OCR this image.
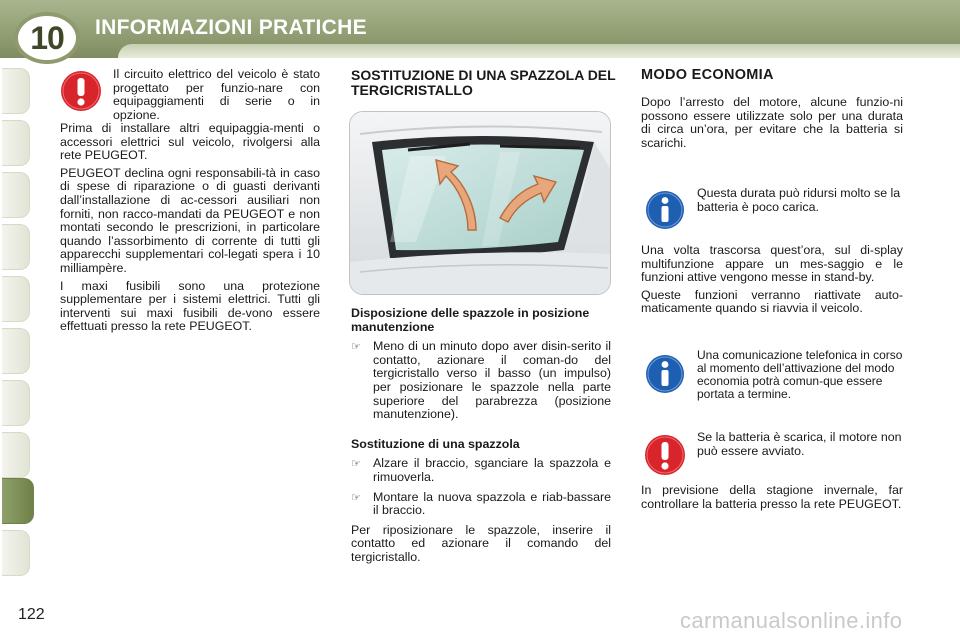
10	INFORMAZIONI PRATICHE
Il circuito elettrico del veicolo è stato progettato per funzio-nare con equipaggiamenti di serie o in opzione.

Prima di installare altri equipaggia-menti o accessori elettrici sul veicolo, rivolgersi alla rete PEUGEOT.

PEUGEOT declina ogni responsabili-tà in caso di spese di riparazione o di guasti derivanti dall’installazione di ac-cessori ausiliari non forniti, non racco-mandati da PEUGEOT e non montati secondo le prescrizioni, in particolare quando l’assorbimento di corrente di tutti gli apparecchi supplementari col-legati spera i 10 milliampère.

I maxi fusibili sono una protezione supplementare per i sistemi elettrici. Tutti gli interventi sui maxi fusibili de-vono essere effettuati presso la rete PEUGEOT.

SOSTITUZIONE DI UNA SPAZZOLA DEL TERGICRISTALLO
Disposizione delle spazzole in posizione manutenzione
☞ Meno di un minuto dopo aver disin-serito il contatto, azionare il coman-do del tergicristallo verso il basso (un impulso) per posizionare le spazzole nella parte superiore del parabrezza (posizione manutenzione).
Sostituzione di una spazzola
☞ Alzare il braccio, sganciare la spazzola e rimuoverla.
☞ Montare la nuova spazzola e riab-bassare il braccio.

Per riposizionare le spazzole, inserire il contatto ed azionare il comando del tergicristallo.

MODO ECONOMIA

Dopo l’arresto del motore, alcune funzio-ni possono essere utilizzate solo per una durata di circa un’ora, per evitare che la batteria si scarichi.

Questa durata può ridursi molto se la batteria è poco carica.

Una volta trascorsa quest’ora, sul di-splay multifunzione appare un mes-saggio e le funzioni attive vengono messe in stand-by.

Queste funzioni verranno riattivate auto-maticamente quando si riavvia il veicolo.

Una comunicazione telefonica in corso al momento dell’attivazione del modo economia potrà comun-que essere portata a termine.
Se la batteria è scarica, il motore non può essere avviato.

In previsione della stagione invernale, far controllare la batteria presso la rete PEUGEOT.

122	carmanualsonline.info
